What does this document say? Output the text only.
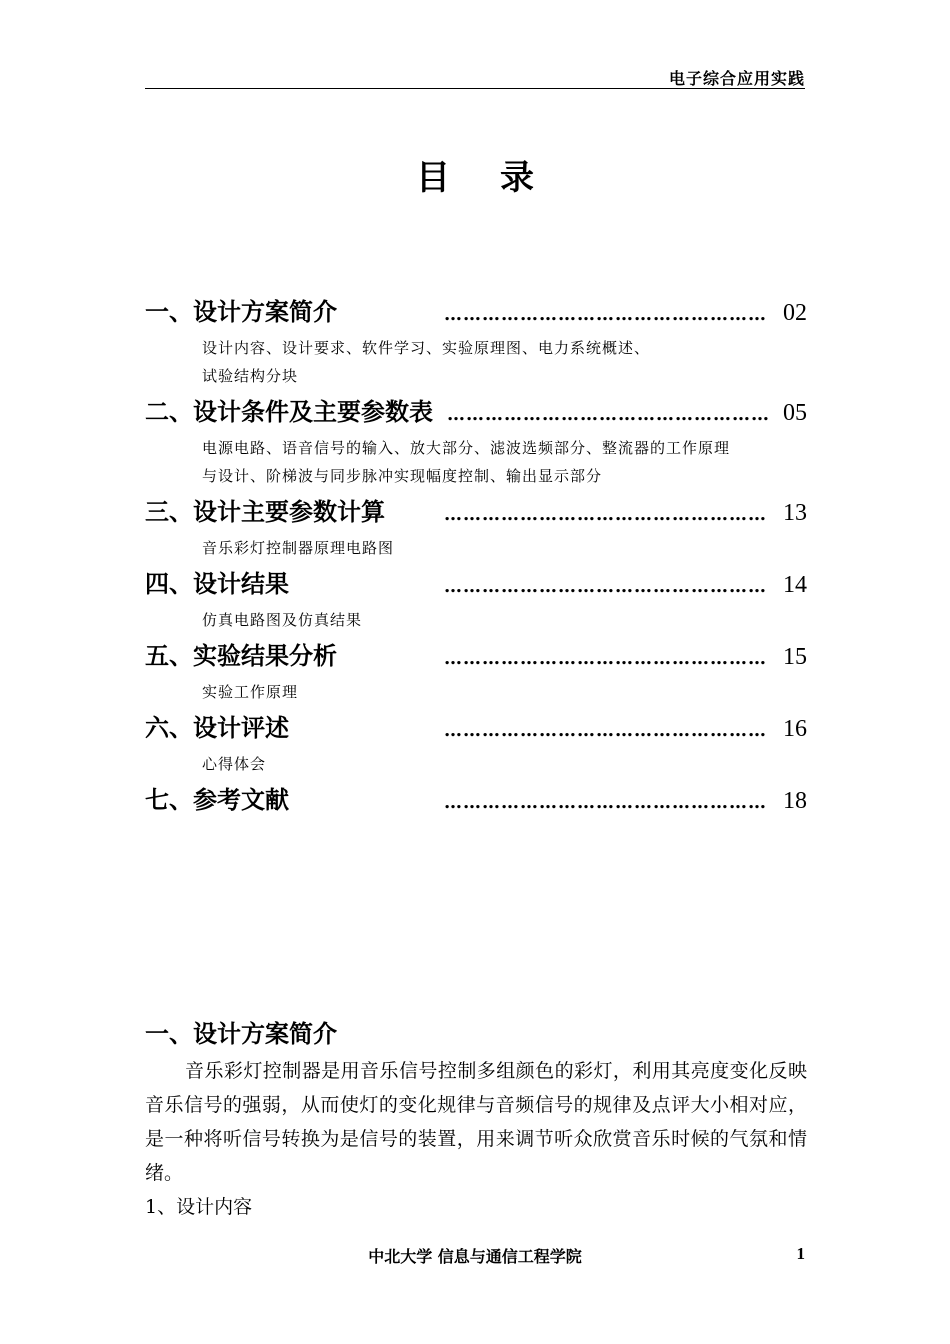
电子综合应用实践
目录
一、设计方案简介	…………………………………………… 02
设计内容、设计要求、软件学习、实验原理图、电力系统概述、
试验结构分块
二、设计条件及主要参数表 …………………………………………… 05
电源电路、语音信号的输入、放大部分、滤波选频部分、整流器的工作原理
与设计、阶梯波与同步脉冲实现幅度控制、输出显示部分
三、设计主要参数计算	…………………………………………… 13
音乐彩灯控制器原理电路图
四、设计结果	…………………………………………… 14
仿真电路图及仿真结果
五、实验结果分析	…………………………………………… 15
实验工作原理
六、设计评述	…………………………………………… 16
心得体会
七、参考文献	…………………………………………… 18
一、设计方案简介

音乐彩灯控制器是用音乐信号控制多组颜色的彩灯，利用其亮度变化反映音乐信号的强弱，从而使灯的变化规律与音频信号的规律及点评大小相对应，是一种将听信号转换为是信号的装置，用来调节听众欣赏音乐时候的气氛和情绪。

1、设计内容
中北大学 信息与通信工程学院	1
